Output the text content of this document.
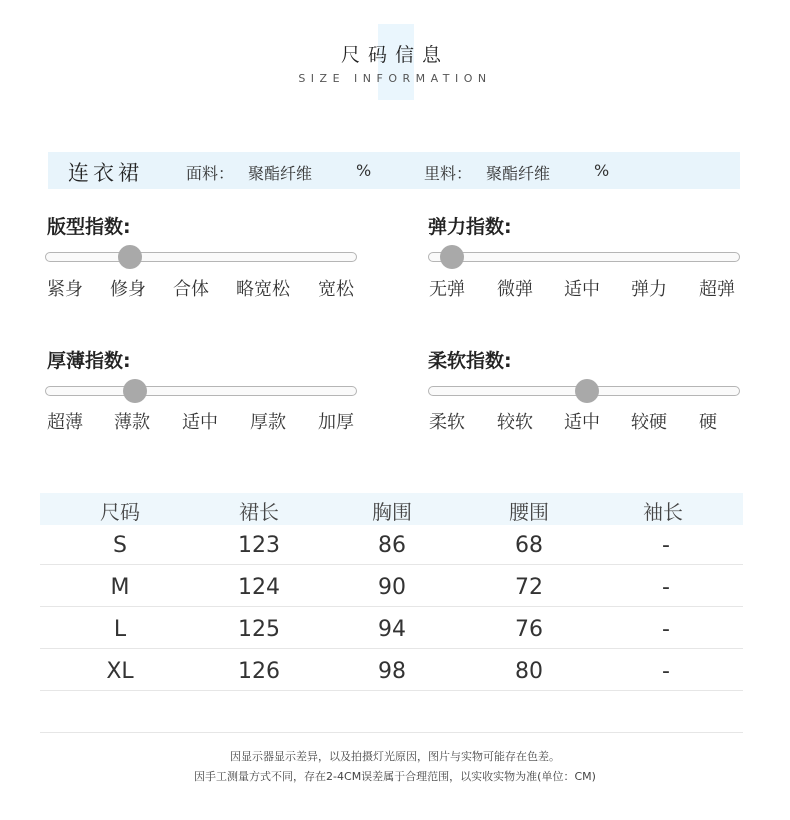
尺码信息
SIZE INFORMATION
连衣裙	面料： 聚酯纤维	%	里料： 聚酯纤维	%
版型指数:
紧身 修身 合体 略宽松 宽松
弹力指数:
无弹 微弹 适中 弹力 超弹
厚薄指数:
超薄 薄款 适中 厚款 加厚
柔软指数:
柔软 较软 适中 较硬 硬
尺码	裙长	胸围	腰围	袖长
S	123	86	68	-
M	124	90	72	-
L	125	94	76	-
XL	126	98	80	-
因显示器显示差异，以及拍摄灯光原因，图片与实物可能存在色差。
因手工测量方式不同，存在2-4CM误差属于合理范围，以实收实物为准(单位：CM)
